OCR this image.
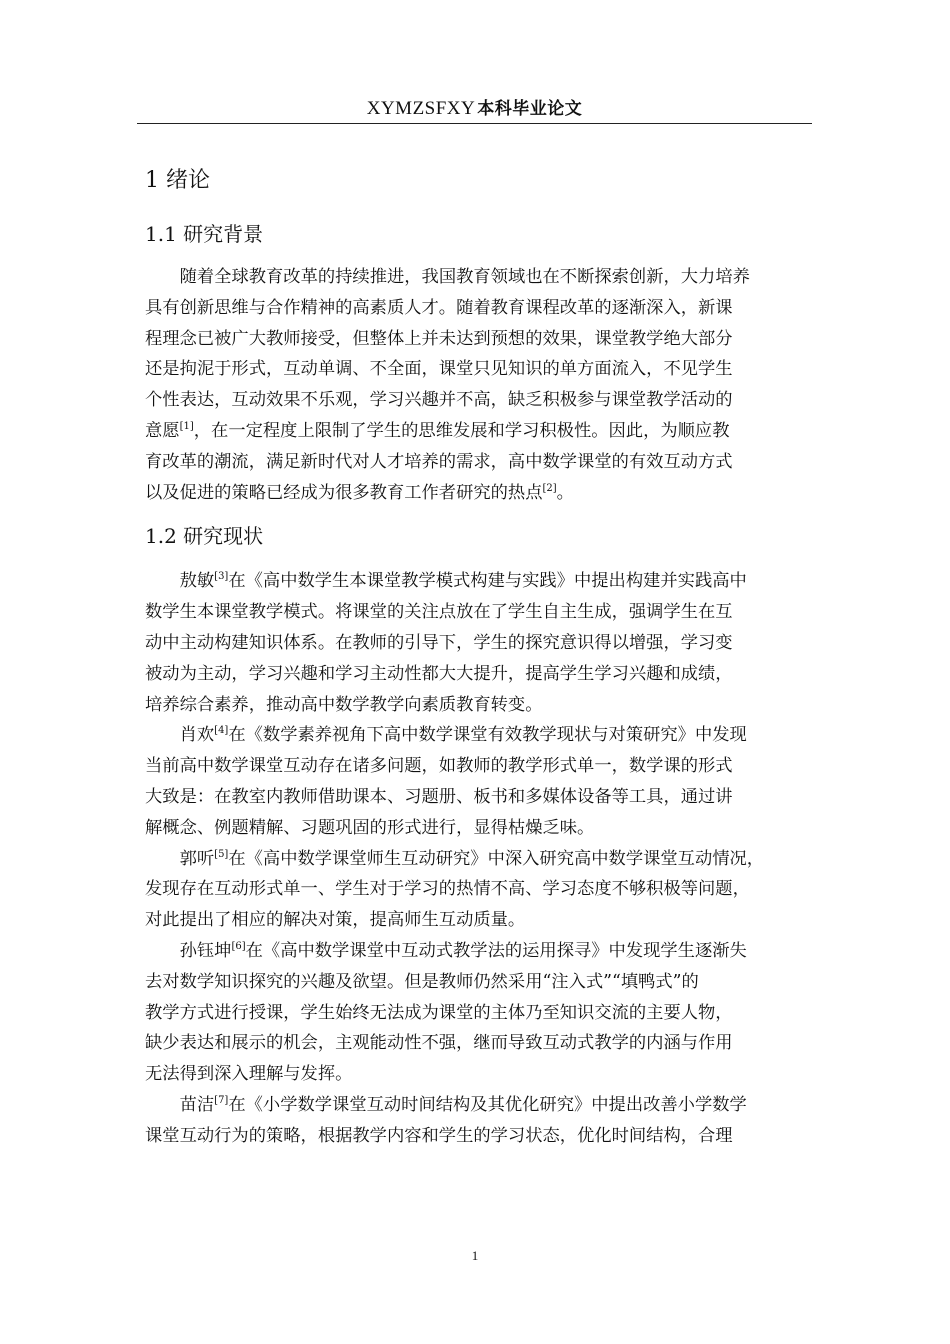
XYMZSFXY 本科毕业论文
1 绪论
1.1 研究背景

随着全球教育改革的持续推进，我国教育领域也在不断探索创新，大力培养
具有创新思维与合作精神的高素质人才。随着教育课程改革的逐渐深入，新课
程理念已被广大教师接受，但整体上并未达到预想的效果，课堂教学绝大部分
还是拘泥于形式，互动单调、不全面，课堂只见知识的单方面流入，不见学生
个性表达，互动效果不乐观，学习兴趣并不高，缺乏积极参与课堂教学活动的
意愿[1]，在一定程度上限制了学生的思维发展和学习积极性。因此，为顺应教
育改革的潮流，满足新时代对人才培养的需求，高中数学课堂的有效互动方式
以及促进的策略已经成为很多教育工作者研究的热点[2]。

1.2 研究现状

敖敏[3]在《高中数学生本课堂教学模式构建与实践》中提出构建并实践高中
数学生本课堂教学模式。将课堂的关注点放在了学生自主生成，强调学生在互
动中主动构建知识体系。在教师的引导下，学生的探究意识得以增强，学习变
被动为主动，学习兴趣和学习主动性都大大提升，提高学生学习兴趣和成绩，
培养综合素养，推动高中数学教学向素质教育转变。

肖欢[4]在《数学素养视角下高中数学课堂有效教学现状与对策研究》中发现
当前高中数学课堂互动存在诸多问题，如教师的教学形式单一，数学课的形式
大致是：在教室内教师借助课本、习题册、板书和多媒体设备等工具，通过讲
解概念、例题精解、习题巩固的形式进行，显得枯燥乏味。

郭听[5]在《高中数学课堂师生互动研究》中深入研究高中数学课堂互动情况，
发现存在互动形式单一、学生对于学习的热情不高、学习态度不够积极等问题，
对此提出了相应的解决对策，提高师生互动质量。

孙钰坤[6]在《高中数学课堂中互动式教学法的运用探寻》中发现学生逐渐失
去对数学知识探究的兴趣及欲望。但是教师仍然采用“注入式”“填鸭式”的
教学方式进行授课，学生始终无法成为课堂的主体乃至知识交流的主要人物，
缺少表达和展示的机会，主观能动性不强，继而导致互动式教学的内涵与作用
无法得到深入理解与发挥。

苗洁[7]在《小学数学课堂互动时间结构及其优化研究》中提出改善小学数学
课堂互动行为的策略，根据教学内容和学生的学习状态，优化时间结构，合理

1
